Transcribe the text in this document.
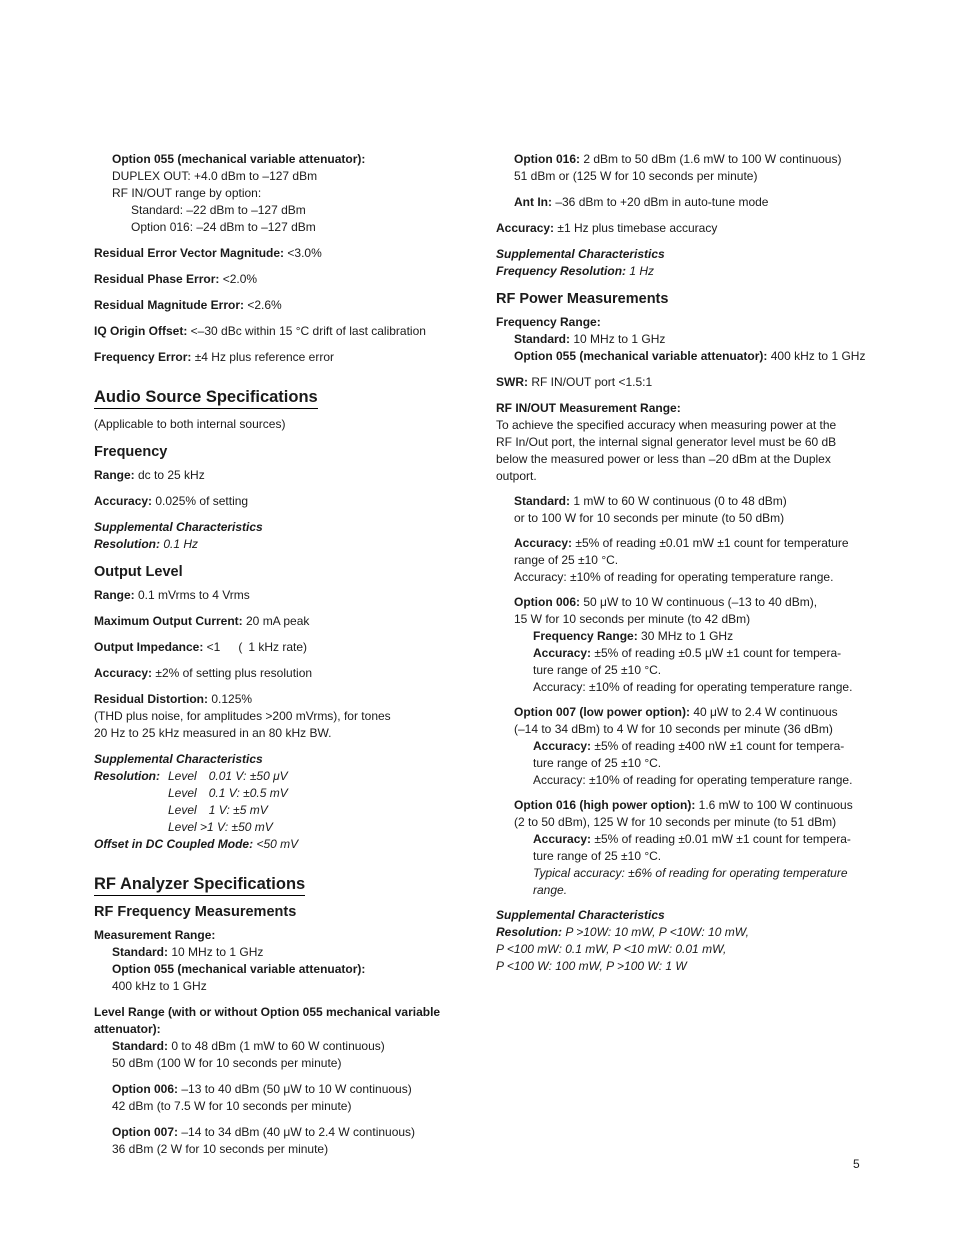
Option 055 (mechanical variable attenuator):
DUPLEX OUT: +4.0 dBm to –127 dBm
RF IN/OUT range by option:
Standard: –22 dBm to –127 dBm
Option 016: –24 dBm to –127 dBm
Residual Error Vector Magnitude: <3.0%
Residual Phase Error: <2.0%
Residual Magnitude Error: <2.6%
IQ Origin Offset: <–30 dBc within 15 °C drift of last calibration
Frequency Error: ±4 Hz plus reference error
Audio Source Specifications
(Applicable to both internal sources)
Frequency
Range: dc to 25 kHz
Accuracy: 0.025% of setting
Supplemental Characteristics
Resolution: 0.1 Hz
Output Level
Range: 0.1 mVrms to 4 Vrms
Maximum Output Current: 20 mA peak
Output Impedance: <1   ( 1 kHz rate)
Accuracy: ±2% of setting plus resolution
Residual Distortion: 0.125%
(THD plus noise, for amplitudes >200 mVrms), for tones
20 Hz to 25 kHz measured in an 80 kHz BW.
Supplemental Characteristics
Resolution: Level  0.01 V: ±50 μV
Level  0.1 V: ±0.5 mV
Level  1 V: ±5 mV
Level >1 V: ±50 mV
Offset in DC Coupled Mode: <50 mV
RF Analyzer Specifications
RF Frequency Measurements
Measurement Range:
Standard: 10 MHz to 1 GHz
Option 055 (mechanical variable attenuator):
400 kHz to 1 GHz
Level Range (with or without Option 055 mechanical variable
attenuator):
Standard: 0 to 48 dBm (1 mW to 60 W continuous)
50 dBm (100 W for 10 seconds per minute)
Option 006: –13 to 40 dBm (50 μW to 10 W continuous)
42 dBm (to 7.5 W for 10 seconds per minute)
Option 007: –14 to 34 dBm (40 μW to 2.4 W continuous)
36 dBm (2 W for 10 seconds per minute)
Option 016: 2 dBm to 50 dBm (1.6 mW to 100 W continuous)
51 dBm or (125 W for 10 seconds per minute)
Ant In: –36 dBm to +20 dBm in auto-tune mode
Accuracy: ±1 Hz plus timebase accuracy
Supplemental Characteristics
Frequency Resolution: 1 Hz
RF Power Measurements
Frequency Range:
Standard: 10 MHz to 1 GHz
Option 055 (mechanical variable attenuator): 400 kHz to 1 GHz
SWR: RF IN/OUT port <1.5:1
RF IN/OUT Measurement Range:
To achieve the specified accuracy when measuring power at the
RF In/Out port, the internal signal generator level must be 60 dB
below the measured power or less than –20 dBm at the Duplex
outport.
Standard: 1 mW to 60 W continuous (0 to 48 dBm)
or to 100 W for 10 seconds per minute (to 50 dBm)
Accuracy: ±5% of reading ±0.01 mW ±1 count for temperature
range of 25 ±10 °C.
Accuracy: ±10% of reading for operating temperature range.
Option 006: 50 μW to 10 W continuous (–13 to 40 dBm),
15 W for 10 seconds per minute (to 42 dBm)
Frequency Range: 30 MHz to 1 GHz
Accuracy: ±5% of reading ±0.5 μW ±1 count for tempera-
ture range of 25 ±10 °C.
Accuracy: ±10% of reading for operating temperature range.
Option 007 (low power option): 40 μW to 2.4 W continuous
(–14 to 34 dBm) to 4 W for 10 seconds per minute (36 dBm)
Accuracy: ±5% of reading ±400 nW ±1 count for tempera-
ture range of 25 ±10 °C.
Accuracy: ±10% of reading for operating temperature range.
Option 016 (high power option): 1.6 mW to 100 W continuous
(2 to 50 dBm), 125 W for 10 seconds per minute (to 51 dBm)
Accuracy: ±5% of reading ±0.01 mW ±1 count for tempera-
ture range of 25 ±10 °C.
Typical accuracy: ±6% of reading for operating temperature
range.
Supplemental Characteristics
Resolution: P >10W: 10 mW, P <10W: 10 mW,
P <100 mW: 0.1 mW, P <10 mW: 0.01 mW,
P <100 W: 100 mW, P >100 W: 1 W
5
